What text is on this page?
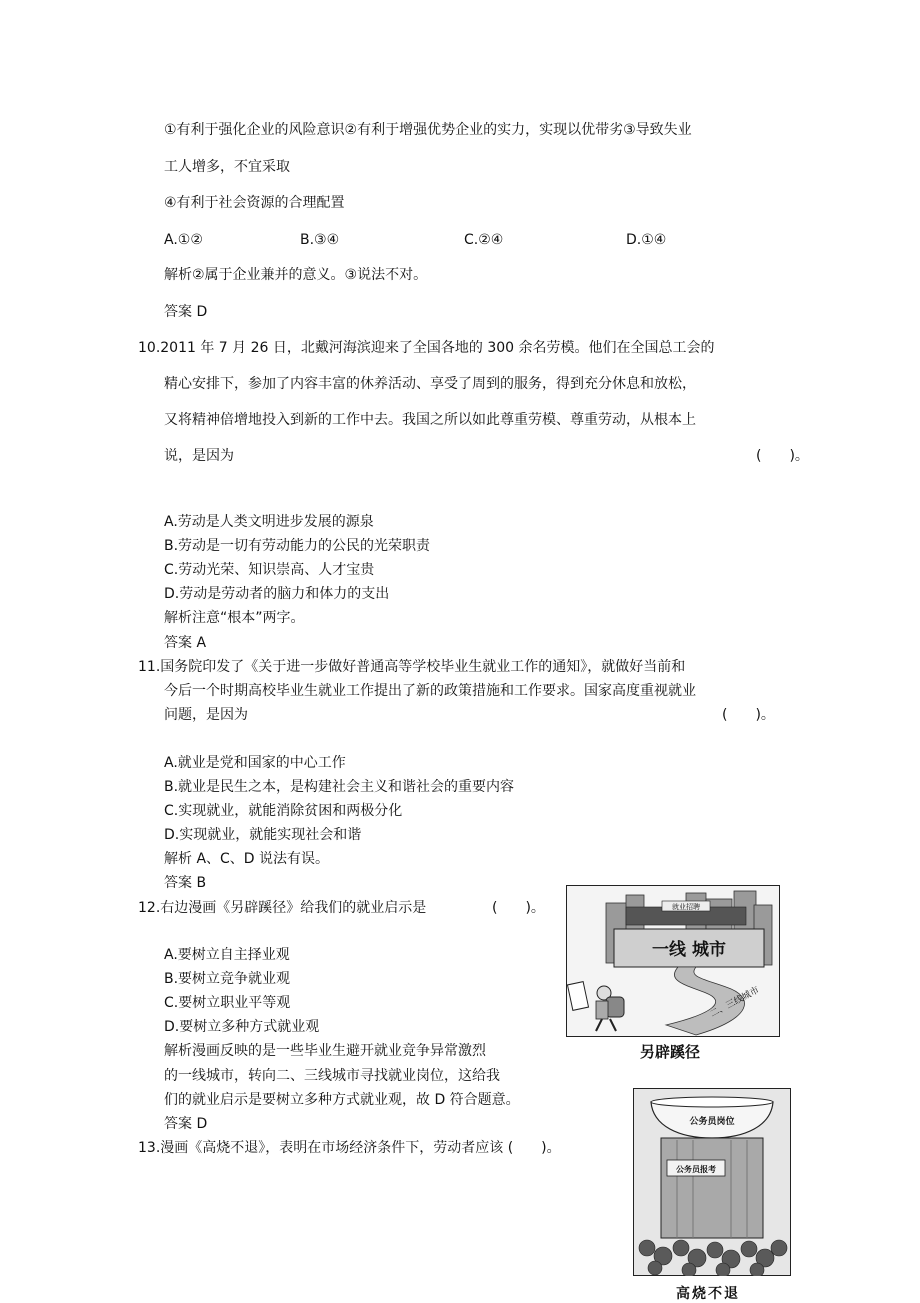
①有利于强化企业的风险意识②有利于增强优势企业的实力，实现以优带劣③导致失业
工人增多，不宜采取
④有利于社会资源的合理配置
A.①②	B.③④	C.②④	D.①④
解析②属于企业兼并的意义。③说法不对。
答案 D
10.2011 年 7 月 26 日，北戴河海滨迎来了全国各地的 300 余名劳模。他们在全国总工会的
精心安排下，参加了内容丰富的休养活动、享受了周到的服务，得到充分休息和放松，
又将精神倍增地投入到新的工作中去。我国之所以如此尊重劳模、尊重劳动，从根本上
说，是因为	(　　)。
A.劳动是人类文明进步发展的源泉
B.劳动是一切有劳动能力的公民的光荣职责
C.劳动光荣、知识崇高、人才宝贵
D.劳动是劳动者的脑力和体力的支出
解析注意“根本”两字。
答案 A
11.国务院印发了《关于进一步做好普通高等学校毕业生就业工作的通知》，就做好当前和
今后一个时期高校毕业生就业工作提出了新的政策措施和工作要求。国家高度重视就业
问题，是因为	(　　)。
A.就业是党和国家的中心工作
B.就业是民生之本，是构建社会主义和谐社会的重要内容
C.实现就业，就能消除贫困和两极分化
D.实现就业，就能实现社会和谐
解析 A、C、D 说法有误。
答案 B
12.右边漫画《另辟蹊径》给我们的就业启示是	(　　)。
A.要树立自主择业观
B.要树立竞争就业观
C.要树立职业平等观
D.要树立多种方式就业观
解析漫画反映的是一些毕业生避开就业竞争异常激烈
的一线城市，转向二、三线城市寻找就业岗位，这给我
们的就业启示是要树立多种方式就业观，故 D 符合题意。
答案 D
13.漫画《高烧不退》，表明在市场经济条件下，劳动者应该 (　　)。
就业招聘
一线 城市
二、三线城市
另辟蹊径
公务员岗位
公务员报考
高烧不退
